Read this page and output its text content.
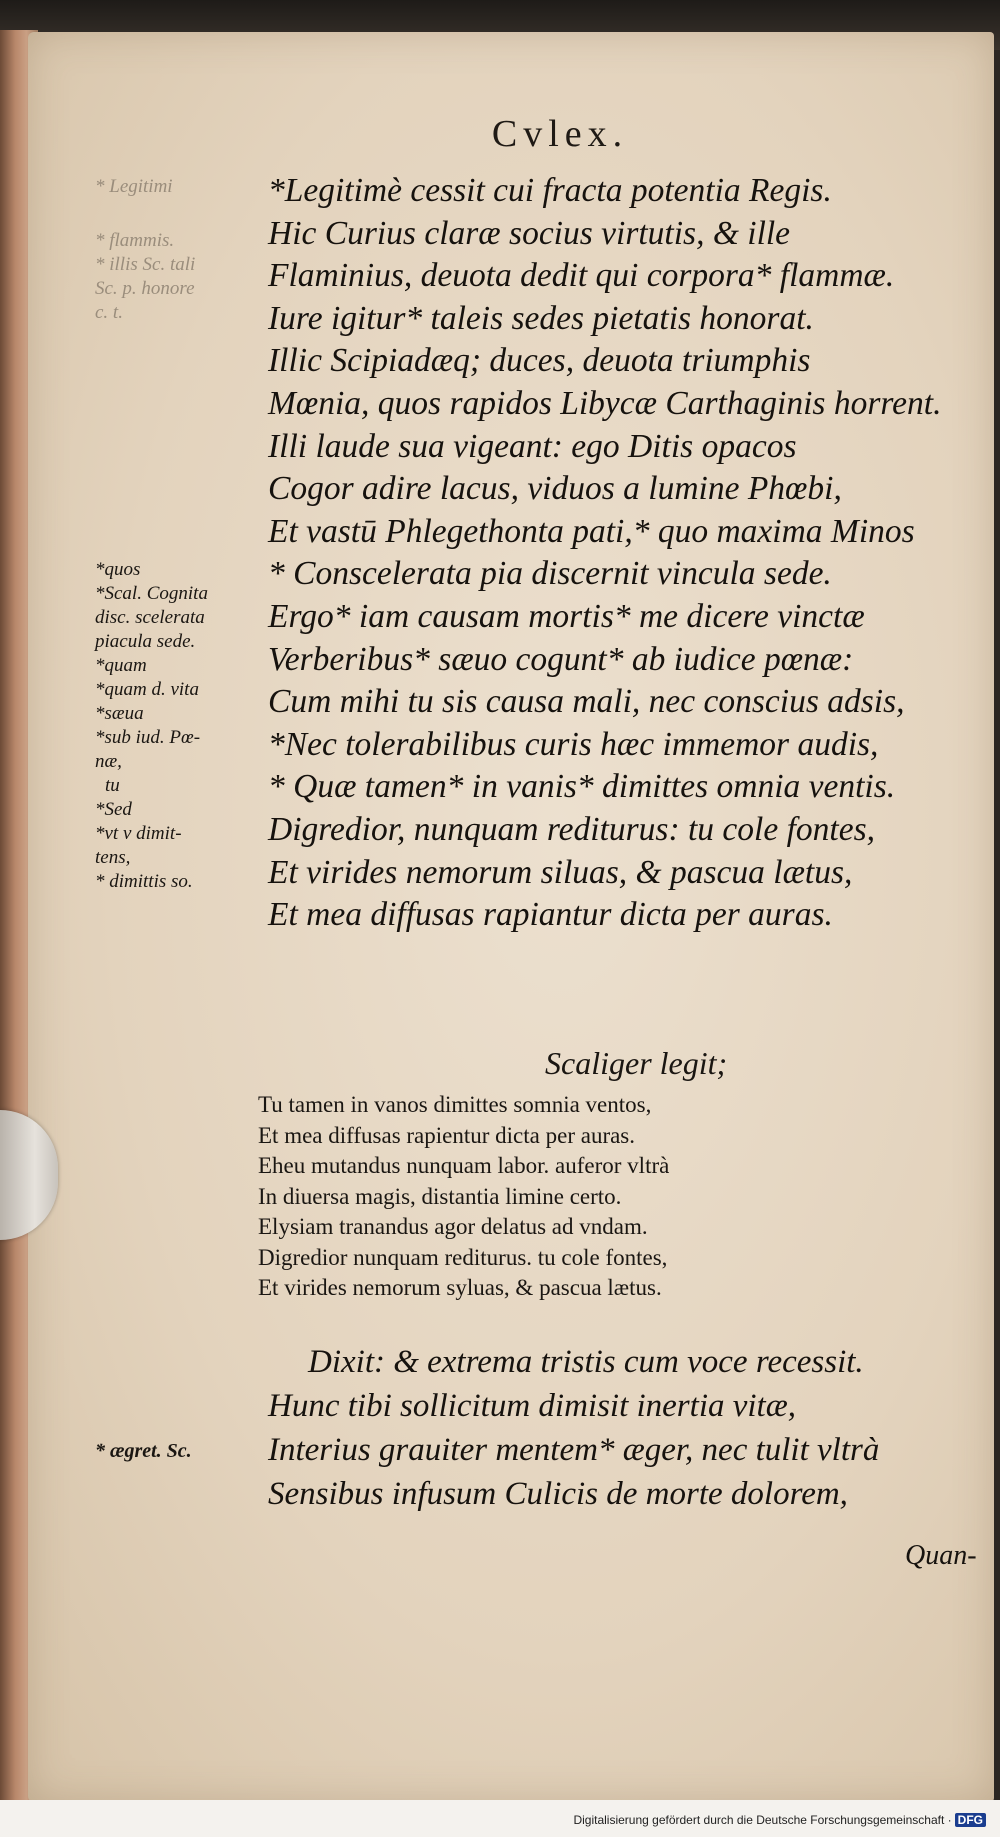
Cvlex.
* Legitimi
* flammis.
* illis Sc. tali
Sc. p. honore
c. t.
*Legitimè cessit cui fracta potentia Regis.
Hic Curius claræ socius virtutis, & ille
Flaminius, deuota dedit qui corpora* flammæ.
Iure igitur* taleis sedes pietatis honorat.
Illic Scipiadæq; duces, deuota triumphis
Mœnia, quos rapidos Libycæ Carthaginis horrent.
Illi laude sua vigeant: ego Ditis opacos
Cogor adire lacus, viduos a lumine Phœbi,
Et vastū Phlegethonta pati,* quo maxima Minos
* Conscelerata pia discernit vincula sede.
Ergo* iam causam mortis* me dicere vinctæ
Verberibus* sæuo cogunt* ab iudice pœnæ:
Cum mihi tu sis causa mali, nec conscius adsis,
*Nec tolerabilibus curis hæc immemor audis,
* Quæ tamen* in vanis* dimittes omnia ventis.
Digredior, nunquam rediturus: tu cole fontes,
Et virides nemorum siluas, & pascua lætus,
Et mea diffusas rapiantur dicta per auras.
*quos
*Scal. Cognita
disc. scelerata
piacula sede.
*quam
*quam d. vita
*sæua
*sub iud. Pœ-
næ,
tu
*Sed
*vt v dimit-
tens,
* dimittis so.
Scaliger legit;
Tu tamen in vanos dimittes somnia ventos,
Et mea diffusas rapientur dicta per auras.
Eheu mutandus nunquam labor. auferor vltrà
In diuersa magis, distantia limine certo.
Elysiam tranandus agor delatus ad vndam.
Digredior nunquam rediturus. tu cole fontes,
Et virides nemorum syluas, & pascua lætus.
Dixit: & extrema tristis cum voce recessit.
Hunc tibi sollicitum dimisit inertia vitæ,
Interius grauiter mentem* æger, nec tulit vltrà
Sensibus infusum Culicis de morte dolorem,
* ægret. Sc.
Quan-
Digitalisierung gefördert durch die Deutsche Forschungsgemeinschaft · DFG
